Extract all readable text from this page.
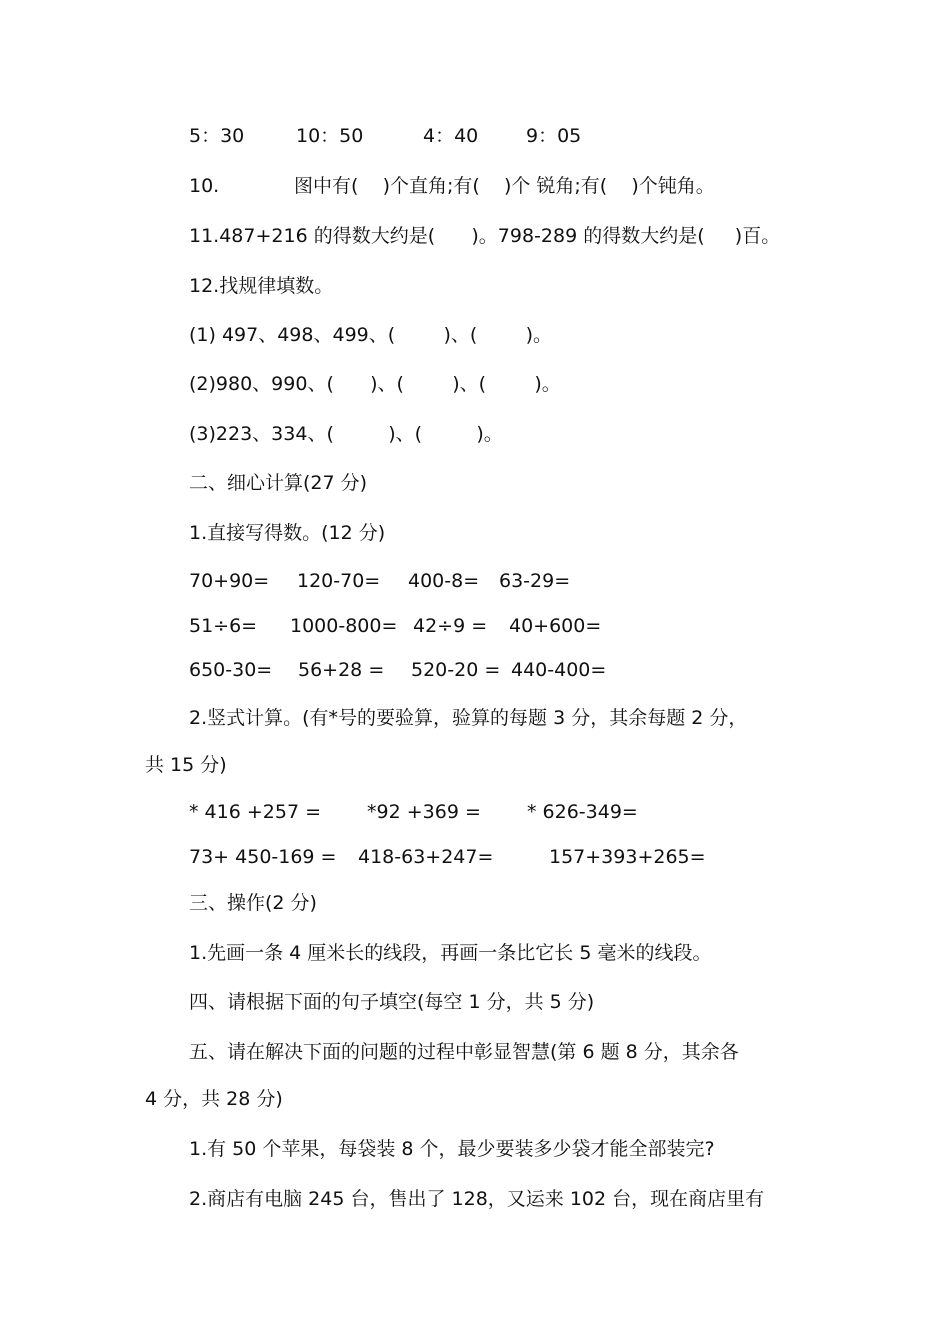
5：30

	10：50

	4：40

	9：05

10.

	图中有(    )个直角;有(    )个 锐角;有(    )个钝角。

11.487+216 的得数大约是(      )。798-289 的得数大约是(     )百。
12.找规律填数。
(1) 497、498、499、(        )、(        )。
(2)980、990、(      )、(        )、(        )。
(3)223、334、(         )、(         )。
二、细心计算(27 分)
1.直接写得数。(12 分)

70+90=

120-70=

400-8=

63-29=

51÷6=

1000-800=

42÷9 =

40+600=

650-30=

56+28 =

520-20 =

440-400=

2.竖式计算。(有*号的要验算，验算的每题 3 分，其余每题 2 分，
共 15 分)

* 416 +257 =

*92 +369 =

* 626-349=

73+ 450-169 =

418-63+247=

	157+393+265=

三、操作(2 分)
1.先画一条 4 厘米长的线段，再画一条比它长 5 毫米的线段。
四、请根据下面的句子填空(每空 1 分，共 5 分)
五、请在解决下面的问题的过程中彰显智慧(第 6 题 8 分，其余各
4 分，共 28 分)
1.有 50 个苹果，每袋装 8 个，最少要装多少袋才能全部装完?
2.商店有电脑 245 台，售出了 128，又运来 102 台，现在商店里有
